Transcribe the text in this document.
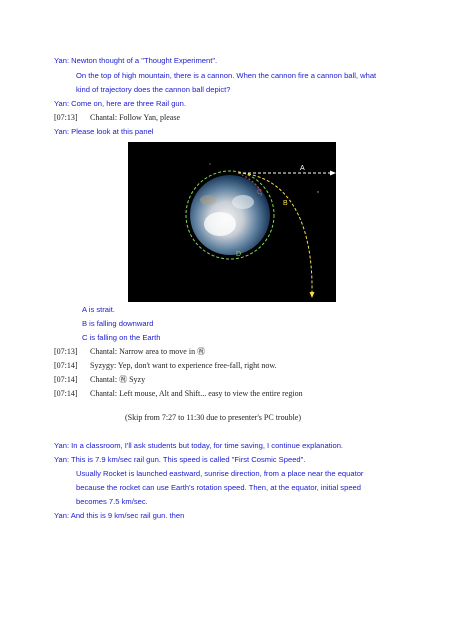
Yan: Newton thought of a "Thought Experiment".
On the top of high mountain, there is a cannon. When the cannon fire a cannon ball, what
kind of trajectory does the cannon ball depict?
Yan: Come on, here are three Rail gun.
[07:13] Chantal: Follow Yan, please
Yan: Please look at this panel
A
B
C
D
A is strait.
B is falling downward
C is falling on the Earth
[07:13] Chantal: Narrow area to move in ㊗
[07:14] Syzygy: Yep, don't want to experience free-fall, right now.
[07:14] Chantal: ㊗ Syzy
[07:14] Chantal: Left mouse, Alt and Shift... easy to view the entire region
(Skip from 7:27 to 11:30 due to presenter's PC trouble)
Yan: In a classroom, I'll ask students but today, for time saving, I continue explanation.
Yan: This is 7.9 km/sec rail gun. This speed is called "First Cosmic Speed".
Usually Rocket is launched eastward, sunrise direction, from a place near the equator
because the rocket can use Earth's rotation speed. Then, at the equator, initial speed
becomes 7.5 km/sec.
Yan: And this is 9 km/sec rail gun. then
